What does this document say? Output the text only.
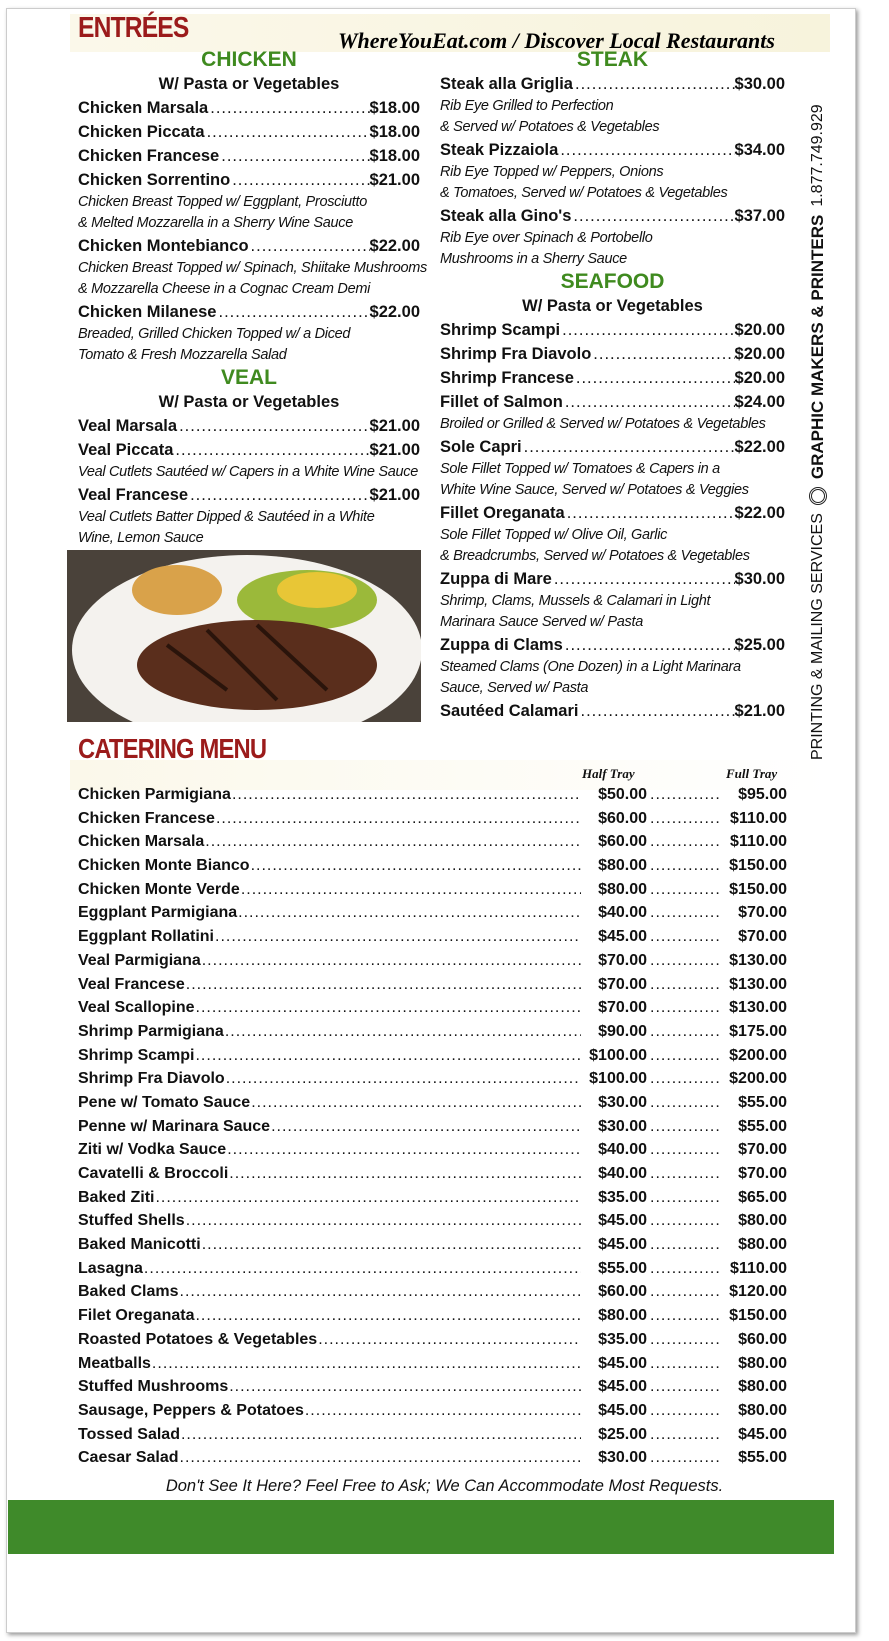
ENTRÉES	WhereYouEat.com / Discover Local Restaurants
CHICKEN
W/ Pasta or Vegetables
Chicken Marsala .....	$18.00
Chicken Piccata .....	$18.00
Chicken Francese .....	$18.00
Chicken Sorrentino .....	$21.00
Chicken Breast Topped w/ Eggplant, Prosciutto
& Melted Mozzarella in a Sherry Wine Sauce
Chicken Montebianco .....	$22.00
Chicken Breast Topped w/ Spinach, Shiitake Mushrooms
& Mozzarella Cheese in a Cognac Cream Demi
Chicken Milanese .....	$22.00
Breaded, Grilled Chicken Topped w/ a Diced
Tomato & Fresh Mozzarella Salad
VEAL
W/ Pasta or Vegetables
Veal Marsala .....	$21.00
Veal Piccata .....	$21.00
Veal Cutlets Sautéed w/ Capers in a White Wine Sauce
Veal Francese .....	$21.00
Veal Cutlets Batter Dipped & Sautéed in a White
Wine, Lemon Sauce
STEAK
Steak alla Griglia .....	$30.00
Rib Eye Grilled to Perfection
& Served w/ Potatoes & Vegetables
Steak Pizzaiola .....	$34.00
Rib Eye Topped w/ Peppers, Onions
& Tomatoes, Served w/ Potatoes & Vegetables
Steak alla Gino's .....	$37.00
Rib Eye over Spinach & Portobello
Mushrooms in a Sherry Sauce
SEAFOOD
W/ Pasta or Vegetables
Shrimp Scampi .....	$20.00
Shrimp Fra Diavolo .....	$20.00
Shrimp Francese .....	$20.00
Fillet of Salmon .....	$24.00
Broiled or Grilled & Served w/ Potatoes & Vegetables
Sole Capri .....	$22.00
Sole Fillet Topped w/ Tomatoes & Capers in a
White Wine Sauce, Served w/ Potatoes & Veggies
Fillet Oreganata .....	$22.00
Sole Fillet Topped w/ Olive Oil, Garlic
& Breadcrumbs, Served w/ Potatoes & Vegetables
Zuppa di Mare .....	$30.00
Shrimp, Clams, Mussels & Calamari in Light
Marinara Sauce Served w/ Pasta
Zuppa di Clams .....	$25.00
Steamed Clams (One Dozen) in a Light Marinara
Sauce, Served w/ Pasta
Sautéed Calamari .....	$21.00
CATERING MENU
Half Tray	Full Tray
Chicken Parmigiana .....	$50.00 .....	$95.00
Chicken Francese .....	$60.00 .....	$110.00
Chicken Marsala .....	$60.00 .....	$110.00
Chicken Monte Bianco .....	$80.00 .....	$150.00
Chicken Monte Verde .....	$80.00 .....	$150.00
Eggplant Parmigiana .....	$40.00 .....	$70.00
Eggplant Rollatini .....	$45.00 .....	$70.00
Veal Parmigiana .....	$70.00 .....	$130.00
Veal Francese .....	$70.00 .....	$130.00
Veal Scallopine .....	$70.00 .....	$130.00
Shrimp Parmigiana .....	$90.00 .....	$175.00
Shrimp Scampi .....	$100.00 .....	$200.00
Shrimp Fra Diavolo .....	$100.00 .....	$200.00
Pene w/ Tomato Sauce .....	$30.00 .....	$55.00
Penne w/ Marinara Sauce .....	$30.00 .....	$55.00
Ziti w/ Vodka Sauce .....	$40.00 .....	$70.00
Cavatelli & Broccoli .....	$40.00 .....	$70.00
Baked Ziti .....	$35.00 .....	$65.00
Stuffed Shells .....	$45.00 .....	$80.00
Baked Manicotti .....	$45.00 .....	$80.00
Lasagna .....	$55.00 .....	$110.00
Baked Clams .....	$60.00 .....	$120.00
Filet Oreganata .....	$80.00 .....	$150.00
Roasted Potatoes & Vegetables .....	$35.00 .....	$60.00
Meatballs .....	$45.00 .....	$80.00
Stuffed Mushrooms .....	$45.00 .....	$80.00
Sausage, Peppers & Potatoes .....	$45.00 .....	$80.00
Tossed Salad .....	$25.00 .....	$45.00
Caesar Salad .....	$30.00 .....	$55.00
Don't See It Here? Feel Free to Ask; We Can Accommodate Most Requests.
PRINTING & MAILING SERVICES
GRAPHIC MAKERS & PRINTERS
1.877.749.929
